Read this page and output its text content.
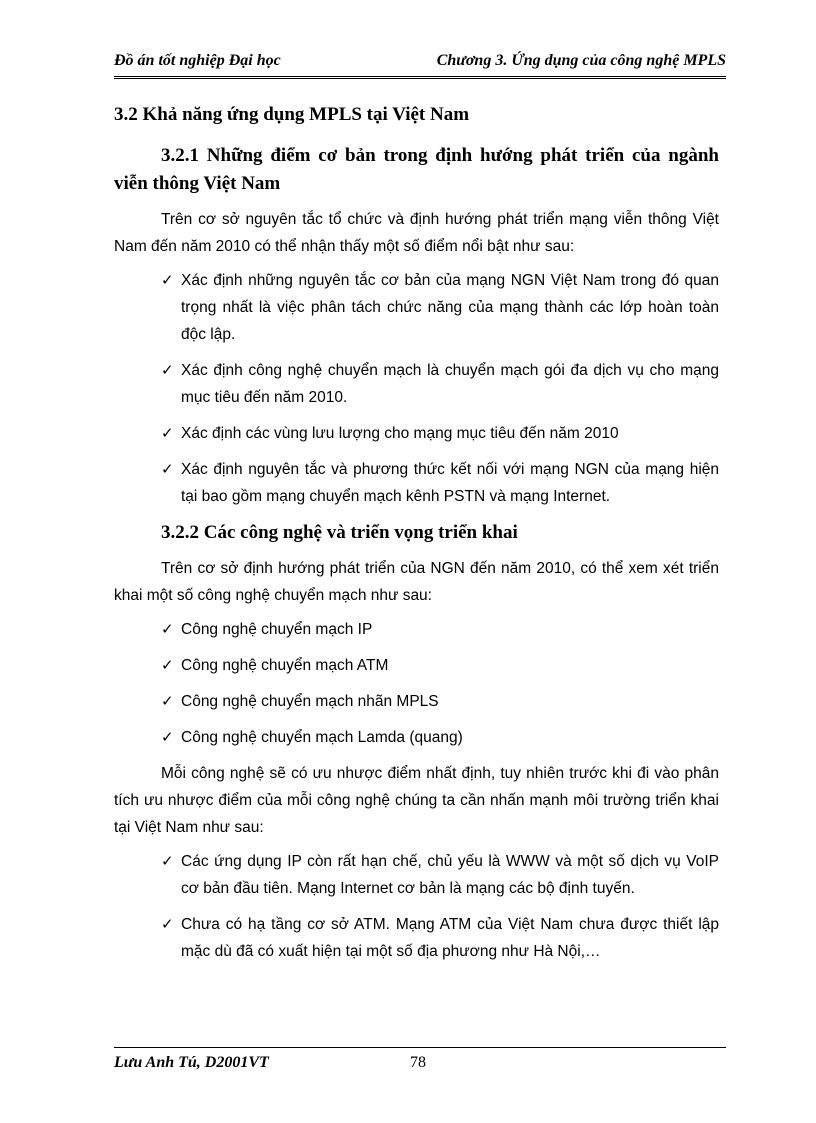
Đồ án tốt nghiệp Đại học	Chương 3. Ứng dụng của công nghệ MPLS
3.2 Khả năng ứng dụng MPLS tại Việt Nam
3.2.1 Những điểm cơ bản trong định hướng phát triển của ngành viễn thông Việt Nam

Trên cơ sở nguyên tắc tổ chức và định hướng phát triển mạng viễn thông Việt Nam đến năm 2010 có thể nhận thấy một số điểm nổi bật như sau:

✓ Xác định những nguyên tắc cơ bản của mạng NGN Việt Nam trong đó quan trọng nhất là việc phân tách chức năng của mạng thành các lớp hoàn toàn độc lập.
✓ Xác định công nghệ chuyển mạch là chuyển mạch gói đa dịch vụ cho mạng mục tiêu đến năm 2010.
✓ Xác định các vùng lưu lượng cho mạng mục tiêu đến năm 2010
✓ Xác định nguyên tắc và phương thức kết nối với mạng NGN của mạng hiện tại bao gồm mạng chuyển mạch kênh PSTN và mạng Internet.
3.2.2 Các công nghệ và triển vọng triển khai

Trên cơ sở định hướng phát triển của NGN đến năm 2010, có thể xem xét triển khai một số công nghệ chuyển mạch như sau:

✓ Công nghệ chuyển mạch IP
✓ Công nghệ chuyển mạch ATM
✓ Công nghệ chuyển mạch nhãn MPLS
✓ Công nghệ chuyển mạch Lamda (quang)

Mỗi công nghệ sẽ có ưu nhược điểm nhất định, tuy nhiên trước khi đi vào phân tích ưu nhược điểm của mỗi công nghệ chúng ta cần nhấn mạnh môi trường triển khai tại Việt Nam như sau:

✓ Các ứng dụng IP còn rất hạn chế, chủ yếu là WWW và một số dịch vụ VoIP cơ bản đầu tiên. Mạng Internet cơ bản là mạng các bộ định tuyến.
✓ Chưa có hạ tầng cơ sở ATM. Mạng ATM của Việt Nam chưa được thiết lập mặc dù đã có xuất hiện tại một số địa phương như Hà Nội,…
Lưu Anh Tú, D2001VT	78
